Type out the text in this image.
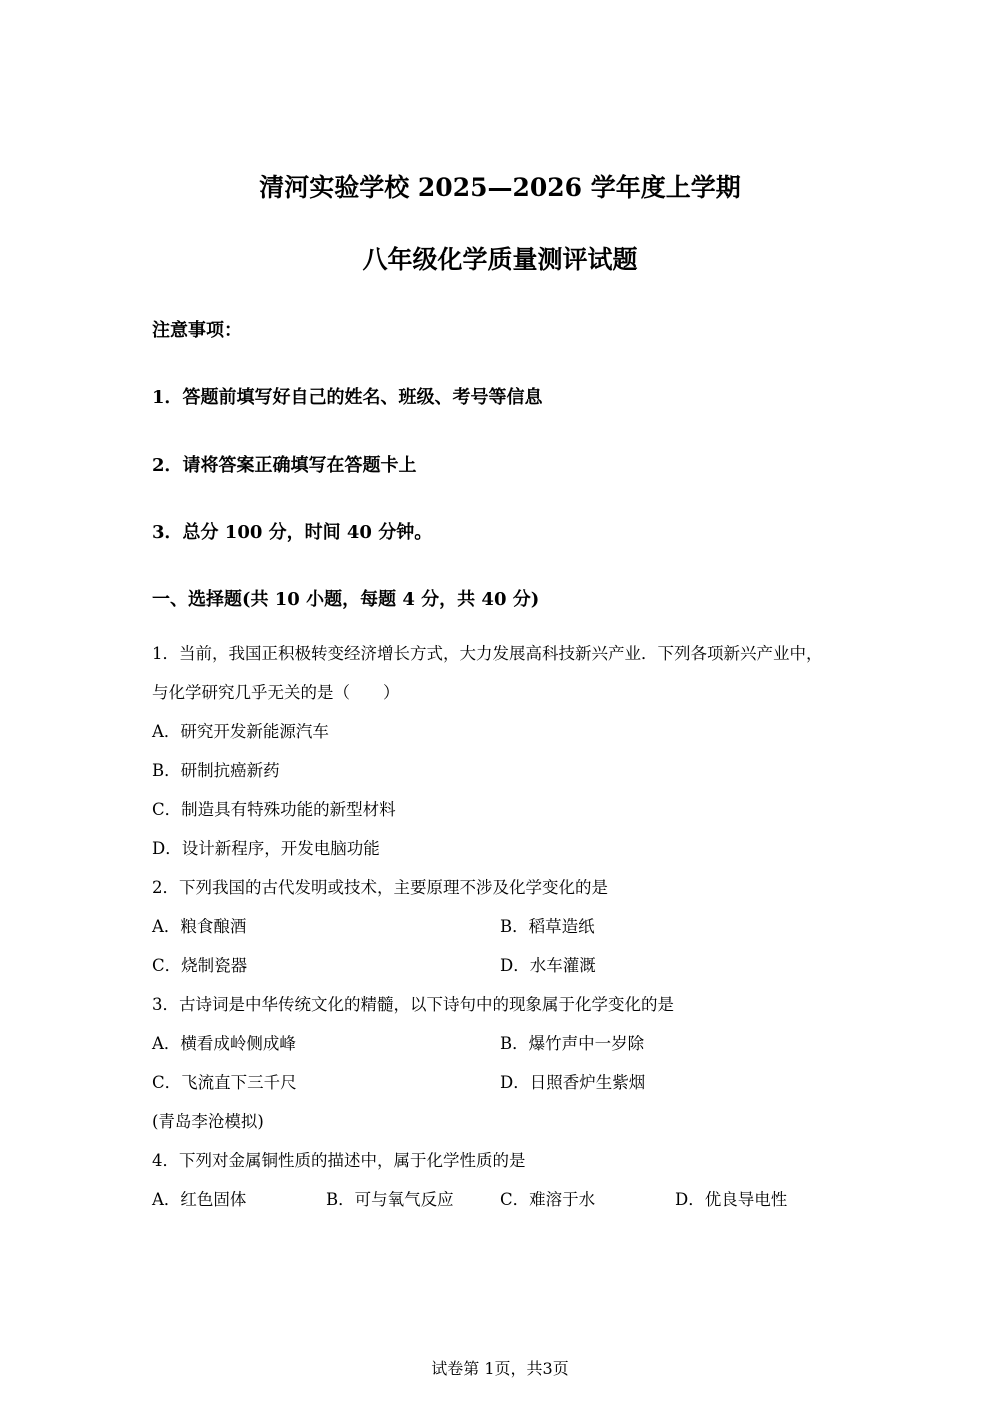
清河实验学校 2025—2026 学年度上学期
八年级化学质量测评试题
注意事项：
1．答题前填写好自己的姓名、班级、考号等信息
2．请将答案正确填写在答题卡上
3．总分 100 分，时间 40 分钟。
一、选择题(共 10 小题，每题 4 分，共 40 分)
1．当前，我国正积极转变经济增长方式，大力发展高科技新兴产业．下列各项新兴产业中，
与化学研究几乎无关的是（　　）
A．研究开发新能源汽车
B．研制抗癌新药
C．制造具有特殊功能的新型材料
D．设计新程序，开发电脑功能
2．下列我国的古代发明或技术，主要原理不涉及化学变化的是
A．粮食酿酒	B．稻草造纸
C．烧制瓷器	D．水车灌溉
3．古诗词是中华传统文化的精髓，以下诗句中的现象属于化学变化的是
A．横看成岭侧成峰	B．爆竹声中一岁除
C．飞流直下三千尺	D．日照香炉生紫烟
(青岛李沧模拟)
4．下列对金属铜性质的描述中，属于化学性质的是
A．红色固体	B．可与氧气反应	C．难溶于水	D．优良导电性
试卷第 1页，共3页
